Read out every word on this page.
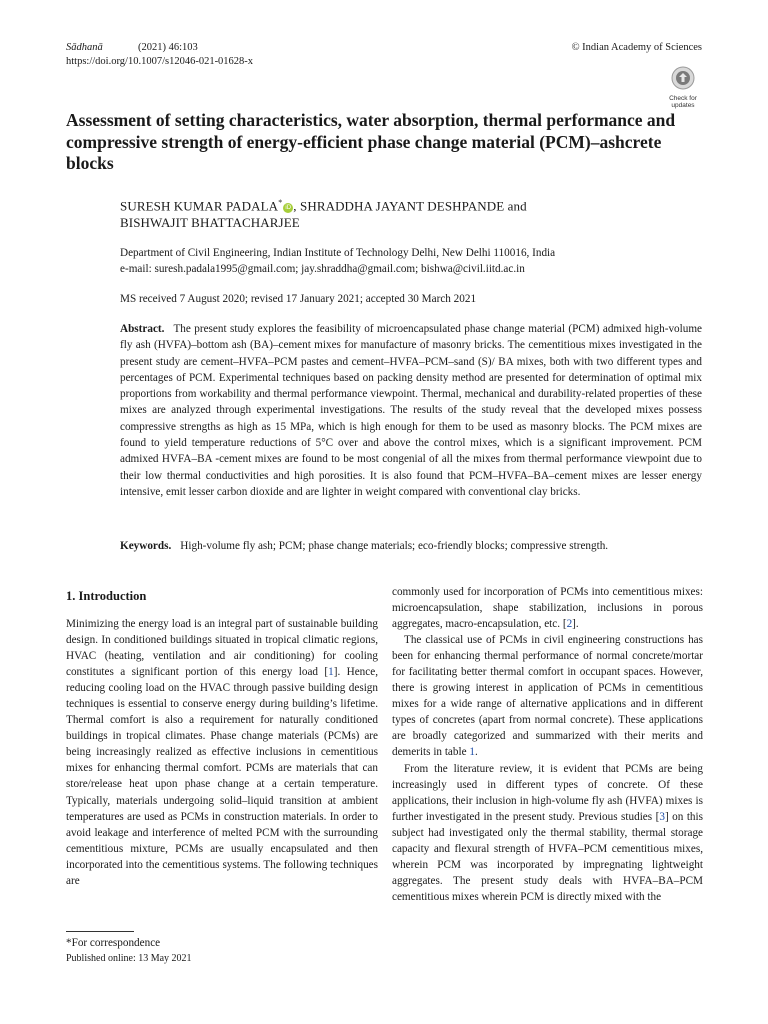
Sādhanā	(2021) 46:103
https://doi.org/10.1007/s12046-021-01628-x
© Indian Academy of Sciences
Check for
updates
Assessment of setting characteristics, water absorption, thermal performance and compressive strength of energy-efficient phase change material (PCM)–ashcrete blocks
SURESH KUMAR PADALA*iD , SHRADDHA JAYANT DESHPANDE and
BISHWAJIT BHATTACHARJEE
Department of Civil Engineering, Indian Institute of Technology Delhi, New Delhi 110016, India
e-mail: suresh.padala1995@gmail.com; jay.shraddha@gmail.com; bishwa@civil.iitd.ac.in
MS received 7 August 2020; revised 17 January 2021; accepted 30 March 2021
Abstract. The present study explores the feasibility of microencapsulated phase change material (PCM) admixed high-volume fly ash (HVFA)–bottom ash (BA)–cement mixes for manufacture of masonry bricks. The cementitious mixes investigated in the present study are cement–HVFA–PCM pastes and cement–HVFA–PCM–sand (S)/ BA mixes, both with two different types and percentages of PCM. Experimental techniques based on packing density method are presented for determination of optimal mix proportions from workability and thermal performance viewpoint. Thermal, mechanical and durability-related properties of these mixes are analyzed through experimental investigations. The results of the study reveal that the developed mixes possess compressive strengths as high as 15 MPa, which is high enough for them to be used as masonry blocks. The PCM mixes are found to yield temperature reductions of 5°C over and above the control mixes, which is a significant improvement. PCM admixed HVFA–BA -cement mixes are found to be most congenial of all the mixes from thermal performance viewpoint due to their low thermal conductivities and high porosities. It is also found that PCM–HVFA–BA–cement mixes are lesser energy intensive, emit lesser carbon dioxide and are lighter in weight compared with conventional clay bricks.
Keywords. High-volume fly ash; PCM; phase change materials; eco-friendly blocks; compressive strength.
1. Introduction

Minimizing the energy load is an integral part of sustainable building design. In conditioned buildings situated in tropical climatic regions, HVAC (heating, ventilation and air conditioning) for cooling constitutes a significant portion of this energy load [1]. Hence, reducing cooling load on the HVAC through passive building design techniques is essential to conserve energy during building’s lifetime. Thermal comfort is also a requirement for naturally conditioned buildings in tropical climates. Phase change materials (PCMs) are being increasingly realized as effective inclusions in cementitious mixes for enhancing thermal comfort. PCMs are materials that can store/release heat upon phase change at a certain temperature. Typically, materials undergoing solid–liquid transition at ambient temperatures are used as PCMs in construction materials. In order to avoid leakage and interference of melted PCM with the surrounding cementitious mixture, PCMs are usually encapsulated and then incorporated into the cementitious systems. The following techniques are

commonly used for incorporation of PCMs into cementitious mixes: microencapsulation, shape stabilization, inclusions in porous aggregates, macro-encapsulation, etc. [2].

The classical use of PCMs in civil engineering constructions has been for enhancing thermal performance of normal concrete/mortar for facilitating better thermal comfort in occupant spaces. However, there is growing interest in application of PCMs in cementitious mixes for a wide range of alternative applications and in different types of concretes (apart from normal concrete). These applications are broadly categorized and summarized with their merits and demerits in table 1.

From the literature review, it is evident that PCMs are being increasingly used in different types of concrete. Of these applications, their inclusion in high-volume fly ash (HVFA) mixes is further investigated in the present study. Previous studies [3] on this subject had investigated only the thermal stability, thermal storage capacity and flexural strength of HVFA–PCM cementitious mixes, wherein PCM was incorporated by impregnating lightweight aggregates. The present study deals with HVFA–BA–PCM cementitious mixes wherein PCM is directly mixed with the

*For correspondence
Published online: 13 May 2021
